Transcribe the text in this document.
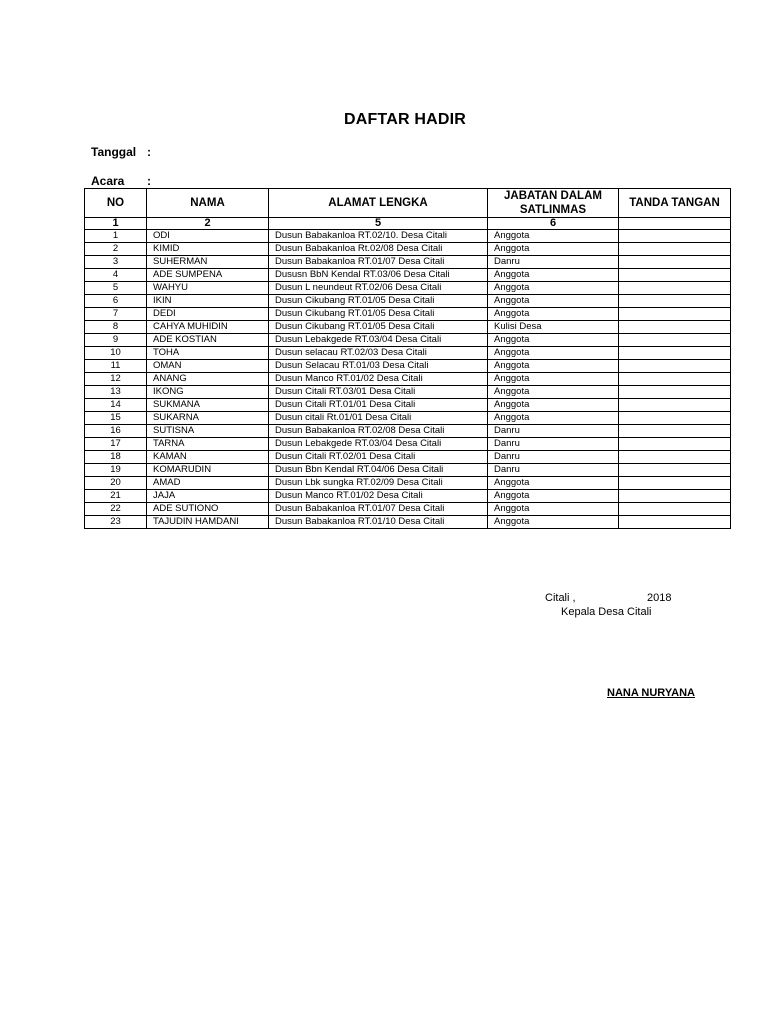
DAFTAR HADIR
Tanggal :
Acara :
NO	NAMA	ALAMAT LENGKA	JABATAN DALAM SATLINMAS	TANDA TANGAN
1	2	5	6	
1	ODI	Dusun Babakanloa RT.02/10. Desa Citali	Anggota	
2	KIMID	Dusun Babakanloa Rt.02/08 Desa Citali	Anggota	
3	SUHERMAN	Dusun Babakanloa RT.01/07 Desa Citali	Danru	
4	ADE SUMPENA	Dususn BbN Kendal RT.03/06 Desa Citali	Anggota	
5	WAHYU	Dusun L neundeut RT.02/06 Desa Citali	Anggota	
6	IKIN	Dusun Cikubang RT.01/05 Desa Citali	Anggota	
7	DEDI	Dusun Cikubang RT.01/05 Desa Citali	Anggota	
8	CAHYA MUHIDIN	Dusun Cikubang RT.01/05 Desa Citali	Kulisi Desa	
9	ADE KOSTIAN	Dusun Lebakgede RT.03/04 Desa Citali	Anggota	
10	TOHA	Dusun selacau RT.02/03 Desa Citali	Anggota	
11	OMAN	Dusun Selacau RT.01/03 Desa Citali	Anggota	
12	ANANG	Dusun Manco RT.01/02 Desa Citali	Anggota	
13	IKONG	Dusun Citali RT.03/01 Desa Citali	Anggota	
14	SUKMANA	Dusun Citali RT.01/01 Desa Citali	Anggota	
15	SUKARNA	Dusun citali Rt.01/01 Desa Citali	Anggota	
16	SUTISNA	Dusun Babakanloa RT.02/08 Desa Citali	Danru	
17	TARNA	Dusun Lebakgede RT.03/04 Desa Citali	Danru	
18	KAMAN	Dusun Citali RT.02/01 Desa Citali	Danru	
19	KOMARUDIN	Dusun Bbn Kendal RT.04/06 Desa Citali	Danru	
20	AMAD	Dusun Lbk sungka RT.02/09 Desa Citali	Anggota	
21	JAJA	Dusun Manco RT.01/02 Desa Citali	Anggota	
22	ADE SUTIONO	Dusun Babakanloa RT.01/07 Desa Citali	Anggota	
23	TAJUDIN HAMDANI	Dusun Babakanloa RT.01/10 Desa Citali	Anggota	
Citali ,	2018
Kepala Desa Citali
NANA NURYANA
